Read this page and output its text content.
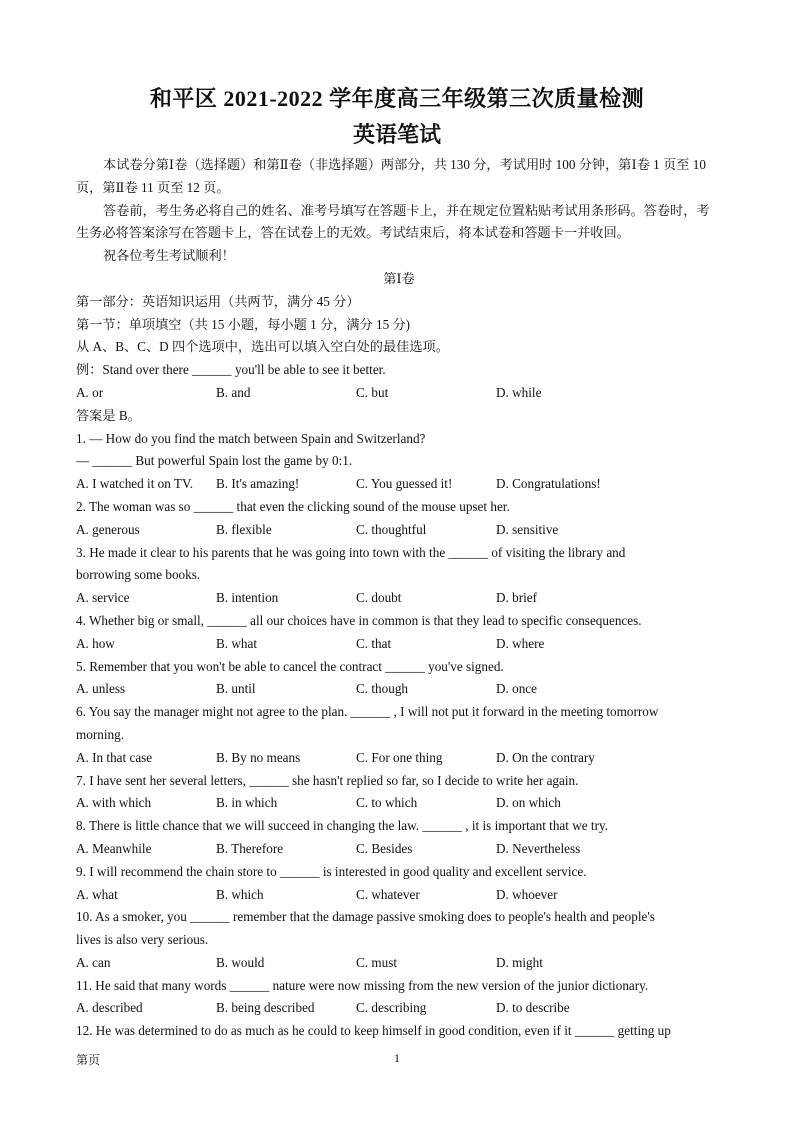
和平区 2021-2022 学年度高三年级第三次质量检测
英语笔试

本试卷分第Ⅰ卷（选择题）和第Ⅱ卷（非选择题）两部分，共 130 分，考试用时 100 分钟，第Ⅰ卷 1 页至 10 页，第Ⅱ卷 11 页至 12 页。

答卷前，考生务必将自己的姓名、准考号填写在答题卡上，并在规定位置粘贴考试用条形码。答卷时，考生务必将答案涂写在答题卡上，答在试卷上的无效。考试结束后，将本试卷和答题卡一并收回。

祝各位考生考试顺利！

第Ⅰ卷

第一部分：英语知识运用（共两节，满分 45 分）

第一节：单项填空（共 15 小题，每小题 1 分，满分 15 分)

从 A、B、C、D 四个选项中，选出可以填入空白处的最佳选项。

例：Stand over there ______ you'll be able to see it better.

A. or	B. and	C. but	D. while

答案是 B。

1. — How do you find the match between Spain and Switzerland?

— ______ But powerful Spain lost the game by 0:1.

A. I watched it on TV.	B. It's amazing!	C. You guessed it!	D. Congratulations!

2. The woman was so ______ that even the clicking sound of the mouse upset her.

A. generous	B. flexible	C. thoughtful	D. sensitive

3. He made it clear to his parents that he was going into town with the ______ of visiting the library and

borrowing some books.

A. service	B. intention	C. doubt	D. brief

4. Whether big or small, ______ all our choices have in common is that they lead to specific consequences.

A. how	B. what	C. that	D. where

5. Remember that you won't be able to cancel the contract ______ you've signed.

A. unless	B. until	C. though	D. once

6. You say the manager might not agree to the plan. ______ , I will not put it forward in the meeting tomorrow

morning.

A. In that case	B. By no means	C. For one thing	D. On the contrary

7. I have sent her several letters, ______ she hasn't replied so far, so I decide to write her again.

A. with which	B. in which	C. to which	D. on which

8. There is little chance that we will succeed in changing the law. ______ , it is important that we try.

A. Meanwhile	B. Therefore	C. Besides	D. Nevertheless

9. I will recommend the chain store to ______ is interested in good quality and excellent service.

A. what	B. which	C. whatever	D. whoever

10. As a smoker, you ______ remember that the damage passive smoking does to people's health and people's

lives is also very serious.

A. can	B. would	C. must	D. might

11. He said that many words ______ nature were now missing from the new version of the junior dictionary.

A. described	B. being described	C. describing	D. to describe

12. He was determined to do as much as he could to keep himself in good condition, even if it ______ getting up

第页	1
